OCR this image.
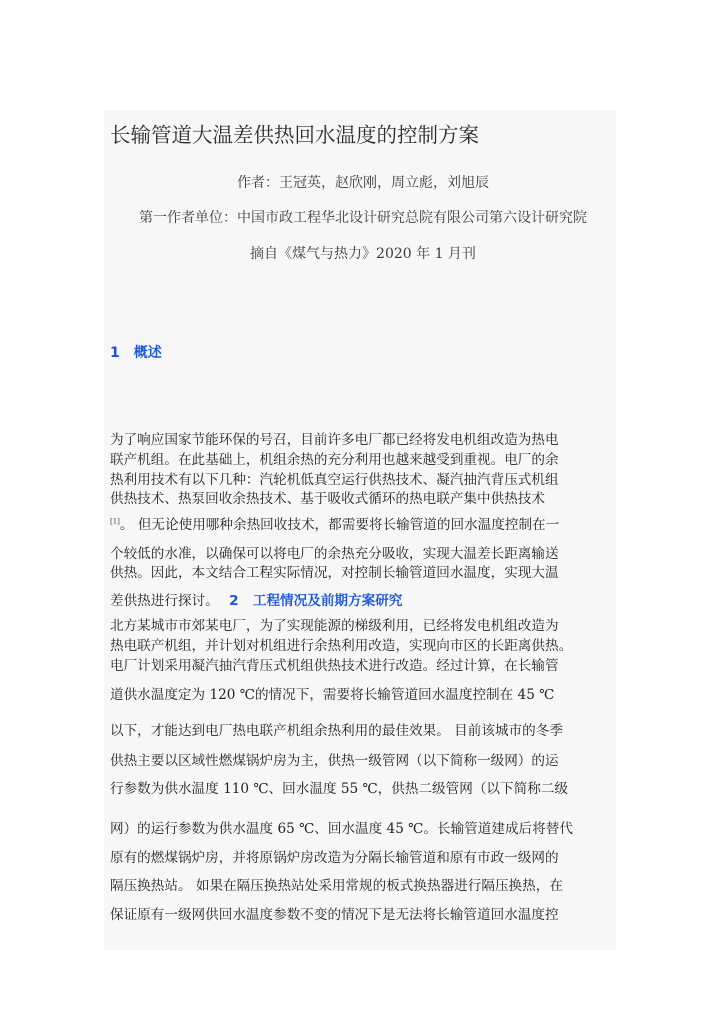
长输管道大温差供热回水温度的控制方案
作者：王冠英，赵欣刚，周立彪，刘旭辰
第一作者单位：中国市政工程华北设计研究总院有限公司第六设计研究院
摘自《煤气与热力》2020 年 1 月刊
1 概述
为了响应国家节能环保的号召，目前许多电厂都已经将发电机组改造为热电
联产机组。在此基础上，机组余热的充分利用也越来越受到重视。电厂的余
热利用技术有以下几种：汽轮机低真空运行供热技术、凝汽抽汽背压式机组
供热技术、热泵回收余热技术、基于吸收式循环的热电联产集中供热技术
[1]。 但无论使用哪种余热回收技术，都需要将长输管道的回水温度控制在一
个较低的水准，以确保可以将电厂的余热充分吸收，实现大温差长距离输送
供热。因此，本文结合工程实际情况，对控制长输管道回水温度，实现大温
差供热进行探讨。 2 工程情况及前期方案研究
北方某城市市郊某电厂，为了实现能源的梯级利用，已经将发电机组改造为
热电联产机组，并计划对机组进行余热利用改造，实现向市区的长距离供热。
电厂计划采用凝汽抽汽背压式机组供热技术进行改造。经过计算，在长输管
道供水温度定为 120 ℃的情况下，需要将长输管道回水温度控制在 45 ℃
以下，才能达到电厂热电联产机组余热利用的最佳效果。 目前该城市的冬季
供热主要以区域性燃煤锅炉房为主，供热一级管网（以下简称一级网）的运
行参数为供水温度 110 ℃、回水温度 55 ℃，供热二级管网（以下简称二级
网）的运行参数为供水温度 65 ℃、回水温度 45 ℃。长输管道建成后将替代
原有的燃煤锅炉房，并将原锅炉房改造为分隔长输管道和原有市政一级网的
隔压换热站。 如果在隔压换热站处采用常规的板式换热器进行隔压换热，在
保证原有一级网供回水温度参数不变的情况下是无法将长输管道回水温度控
